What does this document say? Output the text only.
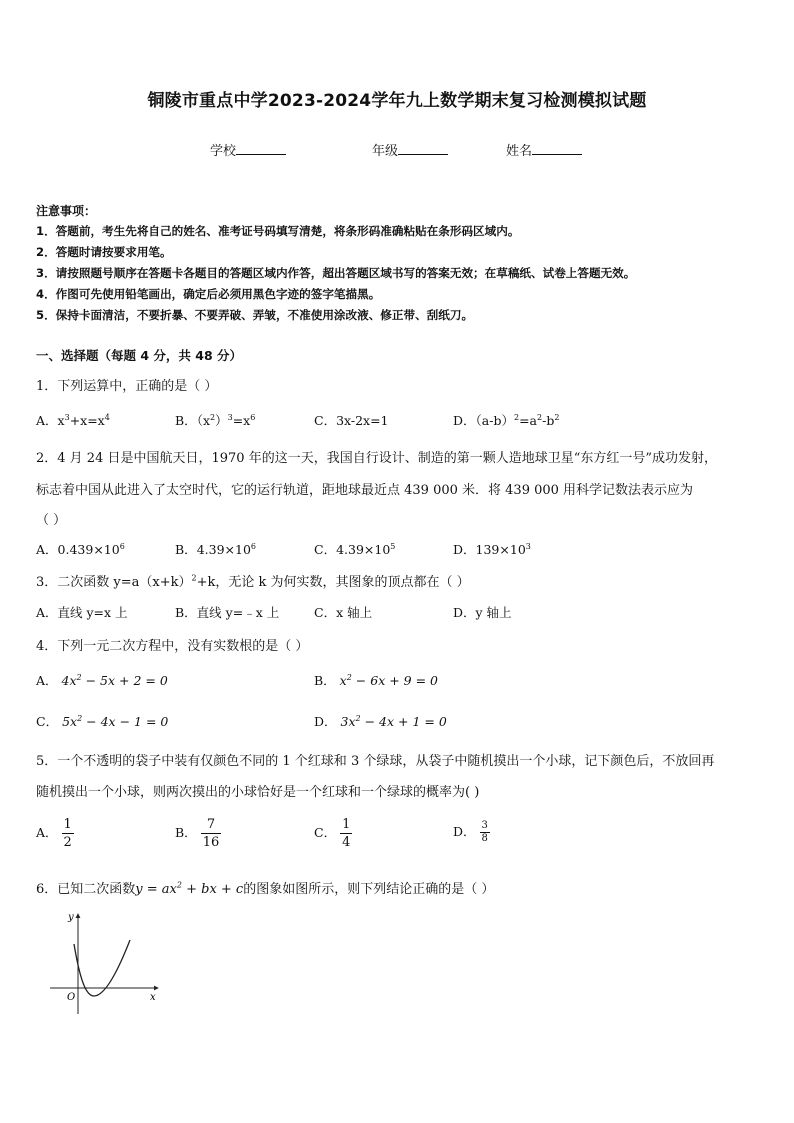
铜陵市重点中学2023-2024学年九上数学期末复习检测模拟试题
学校	年级	姓名
注意事项：
1．答题前，考生先将自己的姓名、准考证号码填写清楚，将条形码准确粘贴在条形码区域内。
2．答题时请按要求用笔。
3．请按照题号顺序在答题卡各题目的答题区域内作答，超出答题区域书写的答案无效；在草稿纸、试卷上答题无效。
4．作图可先使用铅笔画出，确定后必须用黑色字迹的签字笔描黑。
5．保持卡面清洁，不要折暴、不要弄破、弄皱，不准使用涂改液、修正带、刮纸刀。
一、选择题（每题 4 分，共 48 分）
1．下列运算中，正确的是（ ）
A．$x^3+x=x^4$	B．$(x^2)^3=x^6$	C．3x-2x=1	D．$(a-b)^2=a^2-b^2$
2．4 月 24 日是中国航天日，1970 年的这一天，我国自行设计、制造的第一颗人造地球卫星“东方红一号”成功发射，
标志着中国从此进入了太空时代，它的运行轨道，距地球最近点 439 000 米．将 439 000 用科学记数法表示应为
（ ）
A．$0.439\times 10^6$	B．$4.39\times 10^6$	C．$4.39\times 10^5$	D．$139\times 10^3$
3．二次函数 $y=a(x+k)^2+k$，无论 k 为何实数，其图象的顶点都在（ ）
A．直线 y=x 上	B．直线 y=﹣x 上	C．x 轴上	D．y 轴上
4．下列一元二次方程中，没有实数根的是（ ）
A． $4x^2 - 5x + 2 = 0$	B． $x^2 - 6x + 9 = 0$
C． $5x^2 - 4x - 1 = 0$	D． $3x^2 - 4x + 1 = 0$
5．一个不透明的袋子中装有仅颜色不同的 1 个红球和 3 个绿球，从袋子中随机摸出一个小球，记下颜色后，不放回再
随机摸出一个小球，则两次摸出的小球恰好是一个红球和一个绿球的概率为( )
A． $\frac{1}{2}$	B． $\frac{7}{16}$	C． $\frac{1}{4}$	D． $\frac{3}{8}$
6．已知二次函数$y = ax^2$ + bx + c的图象如图所示，则下列结论正确的是（ ）
y
x
O
